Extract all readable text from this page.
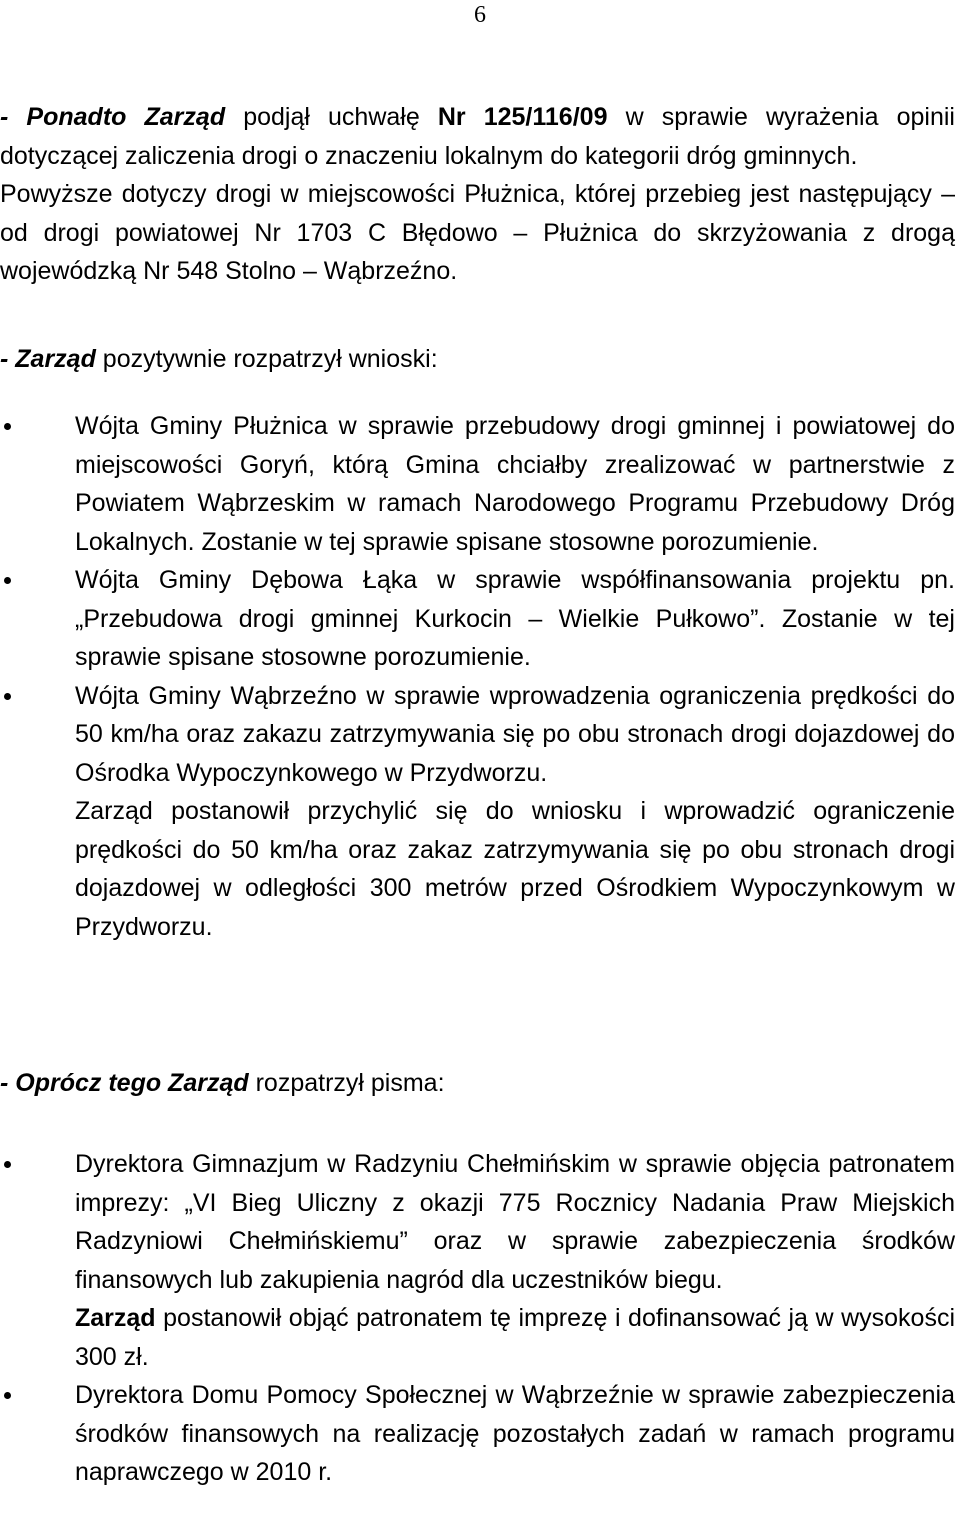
6

- Ponadto Zarząd podjął uchwałę Nr 125/116/09 w sprawie wyrażenia opinii dotyczącej zaliczenia drogi o znaczeniu lokalnym do kategorii dróg gminnych.

Powyższe dotyczy drogi w miejscowości Płużnica, której przebieg jest następujący – od drogi powiatowej Nr 1703 C Błędowo – Płużnica do skrzyżowania z drogą wojewódzką Nr 548 Stolno – Wąbrzeźno.

- Zarząd pozytywnie rozpatrzył wnioski:

Wójta Gminy Płużnica w sprawie przebudowy drogi gminnej i powiatowej do miejscowości Goryń, którą Gmina chciałby zrealizować w partnerstwie z Powiatem Wąbrzeskim w ramach Narodowego Programu Przebudowy Dróg Lokalnych. Zostanie w tej sprawie spisane stosowne porozumienie.

Wójta Gminy Dębowa Łąka w sprawie współfinansowania projektu pn. „Przebudowa drogi gminnej Kurkocin – Wielkie Pułkowo”. Zostanie w tej sprawie spisane stosowne porozumienie.

Wójta Gminy Wąbrzeźno w sprawie wprowadzenia ograniczenia prędkości do 50 km/ha oraz zakazu zatrzymywania się po obu stronach drogi dojazdowej do Ośrodka Wypoczynkowego w Przydworzu.

Zarząd postanowił przychylić się do wniosku i wprowadzić ograniczenie prędkości do 50 km/ha oraz zakaz zatrzymywania się po obu stronach drogi dojazdowej w odległości 300 metrów przed Ośrodkiem Wypoczynkowym w Przydworzu.

- Oprócz tego Zarząd rozpatrzył pisma:

Dyrektora Gimnazjum w Radzyniu Chełmińskim w sprawie objęcia patronatem imprezy: „VI Bieg Uliczny z okazji 775 Rocznicy Nadania Praw Miejskich Radzyniowi Chełmińskiemu” oraz w sprawie zabezpieczenia środków finansowych lub zakupienia nagród dla uczestników biegu.

Zarząd postanowił objąć patronatem tę imprezę i dofinansować ją w wysokości 300 zł.

Dyrektora Domu Pomocy Społecznej w Wąbrzeźnie w sprawie zabezpieczenia środków finansowych na realizację pozostałych zadań w ramach programu naprawczego w 2010 r.
